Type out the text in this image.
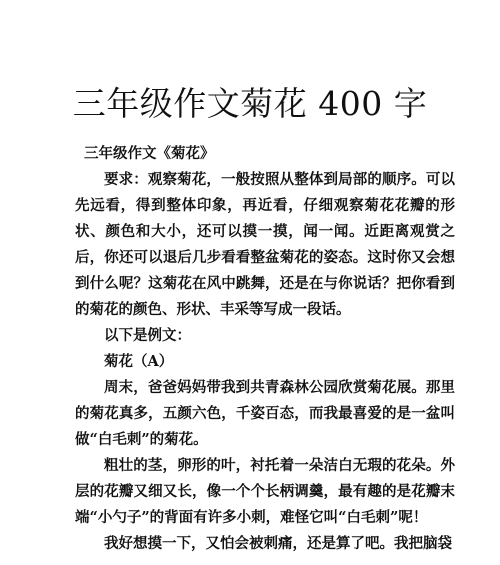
三年级作文菊花 400 字

三年级作文《菊花》

要求：观察菊花，一般按照从整体到局部的顺序。可以先远看，得到整体印象，再近看，仔细观察菊花花瓣的形状、颜色和大小，还可以摸一摸，闻一闻。近距离观赏之后，你还可以退后几步看看整盆菊花的姿态。这时你又会想到什么呢？这菊花在风中跳舞，还是在与你说话？把你看到的菊花的颜色、形状、丰采等写成一段话。

以下是例文：

菊花（A）

周末，爸爸妈妈带我到共青森林公园欣赏菊花展。那里的菊花真多，五颜六色，千姿百态，而我最喜爱的是一盆叫做“白毛刺”的菊花。

粗壮的茎，卵形的叶，衬托着一朵洁白无瑕的花朵。外层的花瓣又细又长，像一个个长柄调羹，最有趣的是花瓣末端“小勺子”的背面有许多小刺，难怪它叫“白毛刺”呢！

我好想摸一下，又怕会被刺痛，还是算了吧。我把脑袋
